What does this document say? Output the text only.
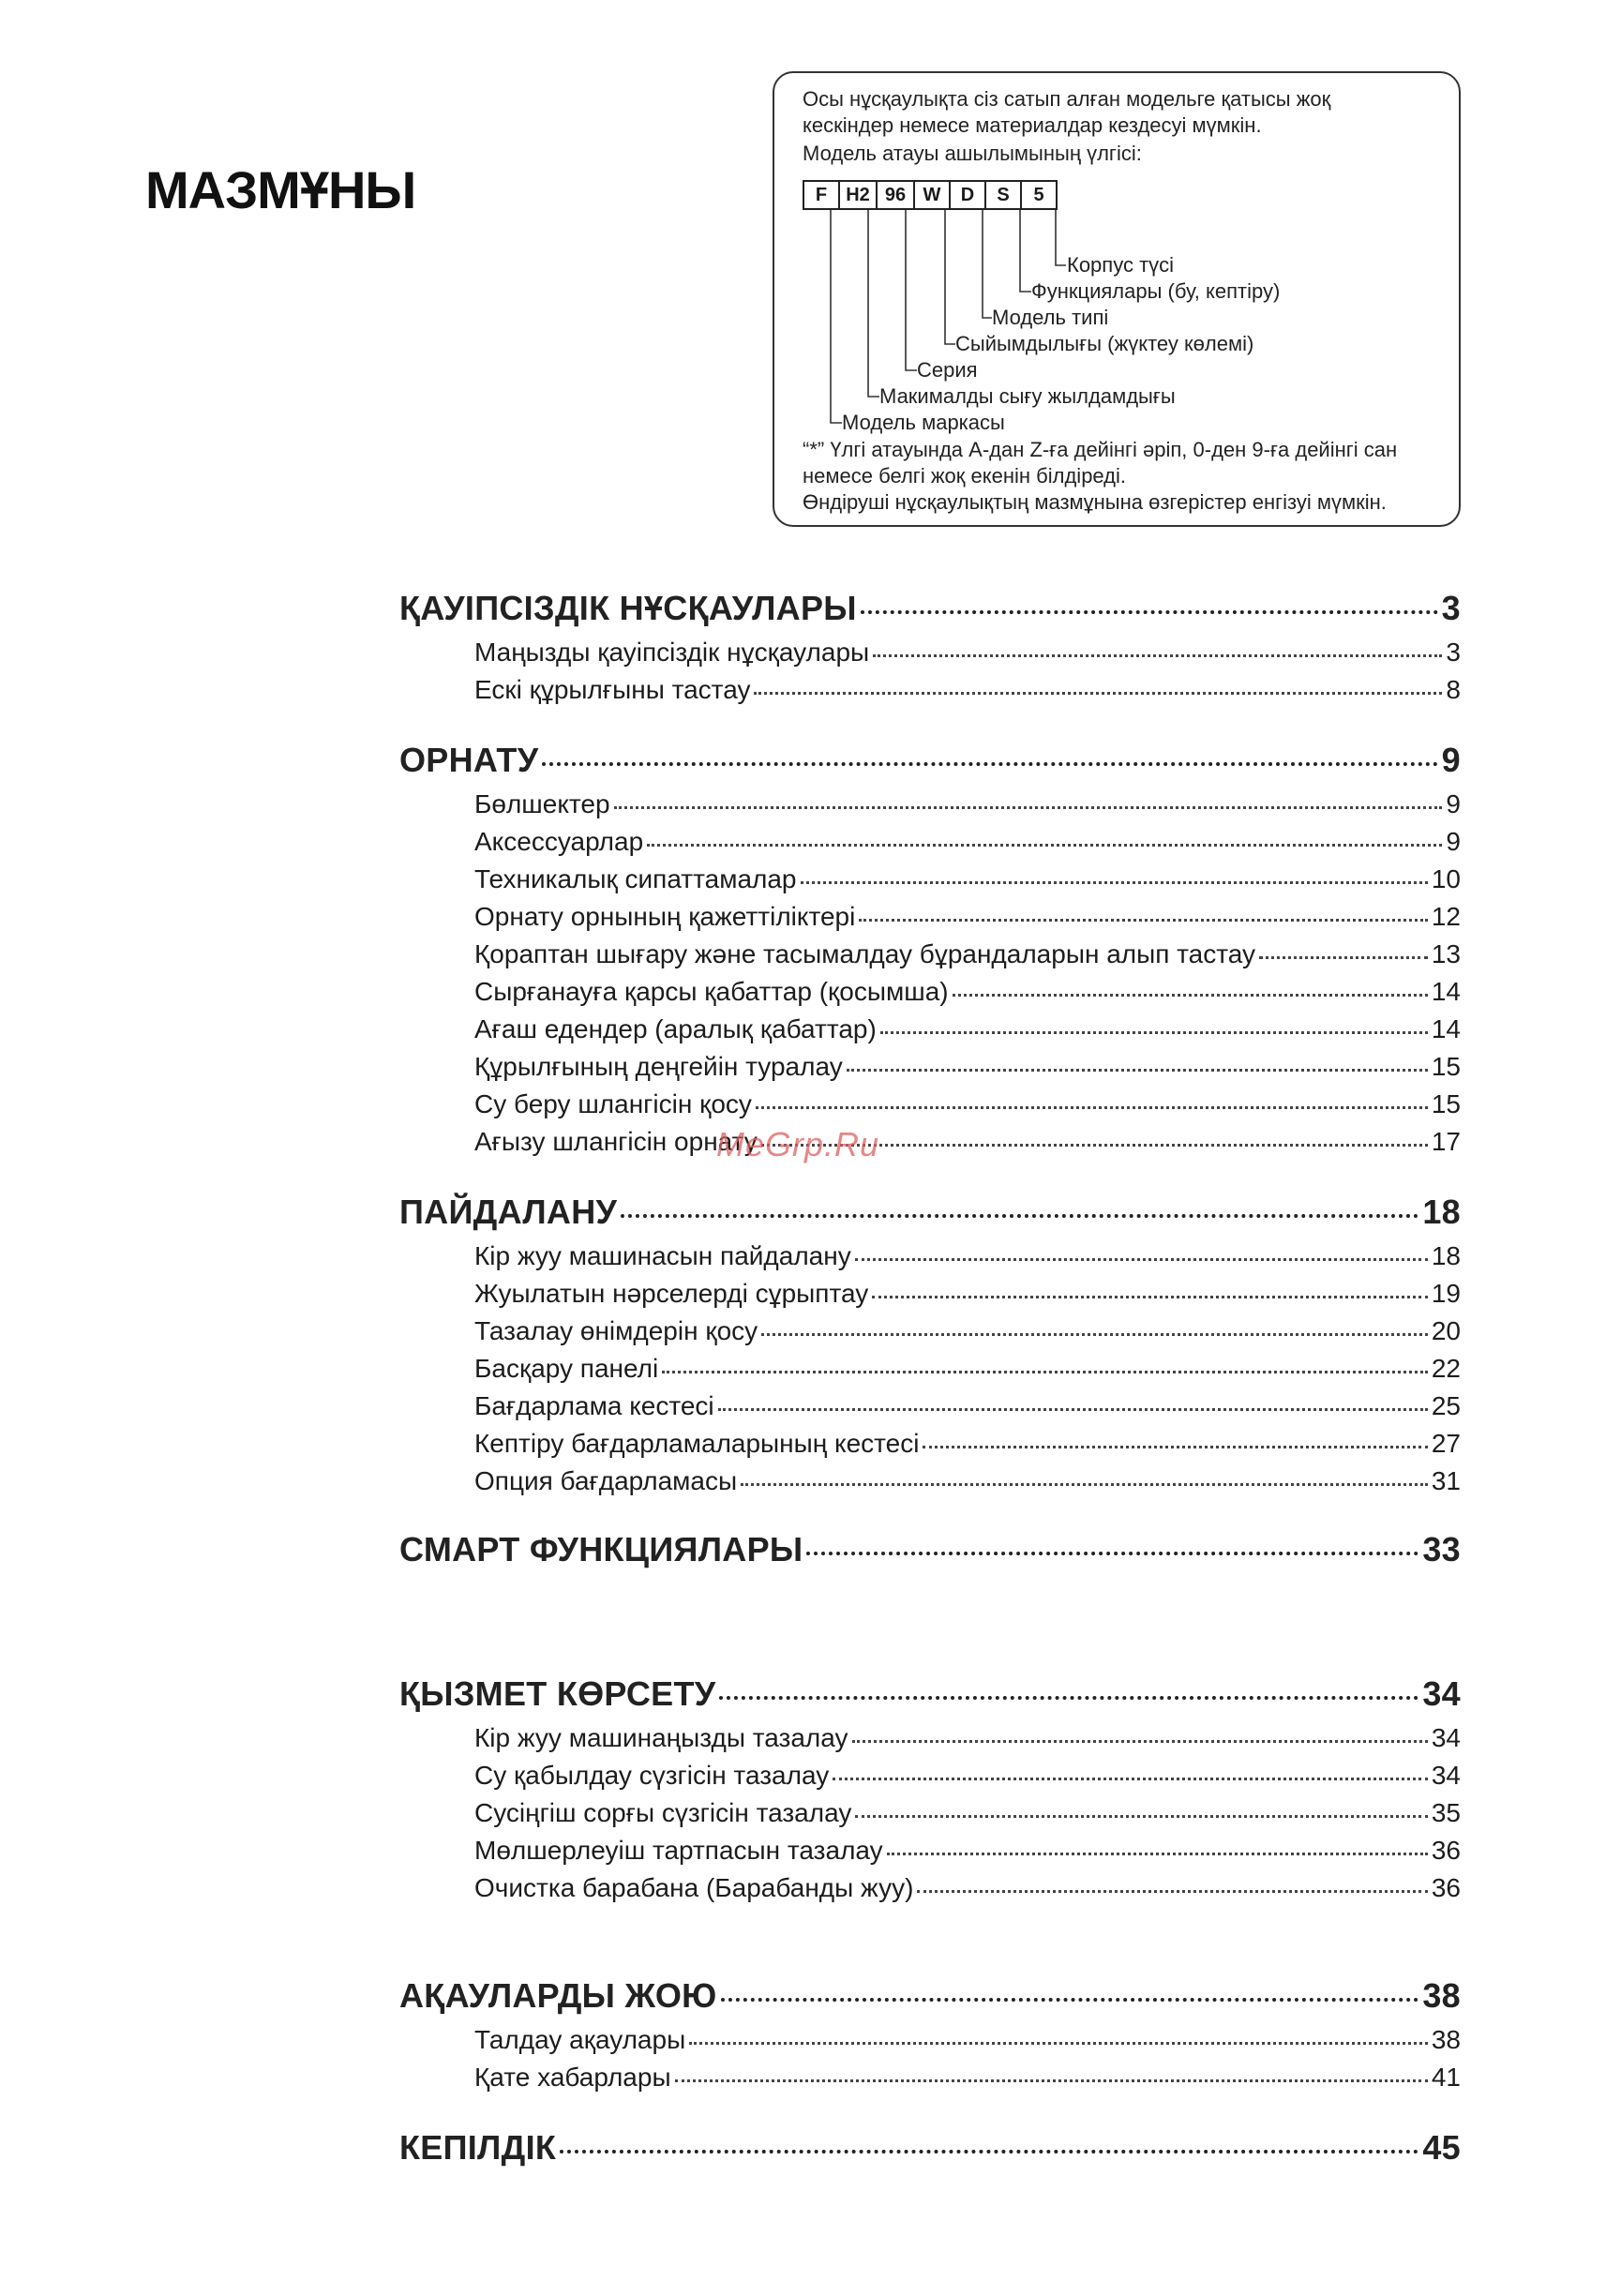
МАЗМҰНЫ

Осы нұсқаулықта сіз сатып алған модельге қатысы жоқ

кескіндер немесе материалдар кездесуі мүмкін.

Модель атауы ашылымының үлгісі:

F	H2 96 W	D	S	5
Корпус түсі
Функциялары (бу, кептіру)
Модель типі
Сыйымдылығы (жүктеу көлемі)
Серия
Макималды сығу жылдамдығы
Модель маркасы

“*” Үлгі атауында A-дан Z-ға дейінгі әріп, 0-ден 9-ға дейінгі сан

немесе белгі жоқ екенін білдіреді.

Өндіруші нұсқаулықтың мазмұнына өзгерістер енгізуі мүмкін.

ҚАУІПСІЗДІК НҰСҚАУЛАРЫ	3
Маңызды қауіпсіздік нұсқаулары	3
Ескі құрылғыны тастау	8
ОРНАТУ	9
Бөлшектер	9
Аксессуарлар	9
Техникалық сипаттамалар	10
Орнату орнының қажеттіліктері	12
Қораптан шығару және тасымалдау бұрандаларын алып тастау	13
Сырғанауға қарсы қабаттар (қосымша)	14
Ағаш едендер (аралық қабаттар)	14
Құрылғының деңгейін туралау	15
Су беру шлангісін қосу	15
Ағызу шлангісін орнату	17
ПАЙДАЛАНУ	18
Кір жуу машинасын пайдалану	18
Жуылатын нәрселерді сұрыптау	19
Тазалау өнімдерін қосу	20
Басқару панелі	22
Бағдарлама кестесі	25
Кептіру бағдарламаларының кестесі	27
Опция бағдарламасы	31
СМАРТ ФУНКЦИЯЛАРЫ	33
ҚЫЗМЕТ КӨРСЕТУ	34
Кір жуу машинаңызды тазалау	34
Су қабылдау сүзгісін тазалау	34
Сусіңгіш сорғы сүзгісін тазалау	35
Мөлшерлеуіш тартпасын тазалау	36
Очистка барабана (Барабанды жуу)	36
АҚАУЛАРДЫ ЖОЮ	38
Талдау ақаулары	38
Қате хабарлары	41
КЕПІЛДІК	45
MeGrp.Ru
